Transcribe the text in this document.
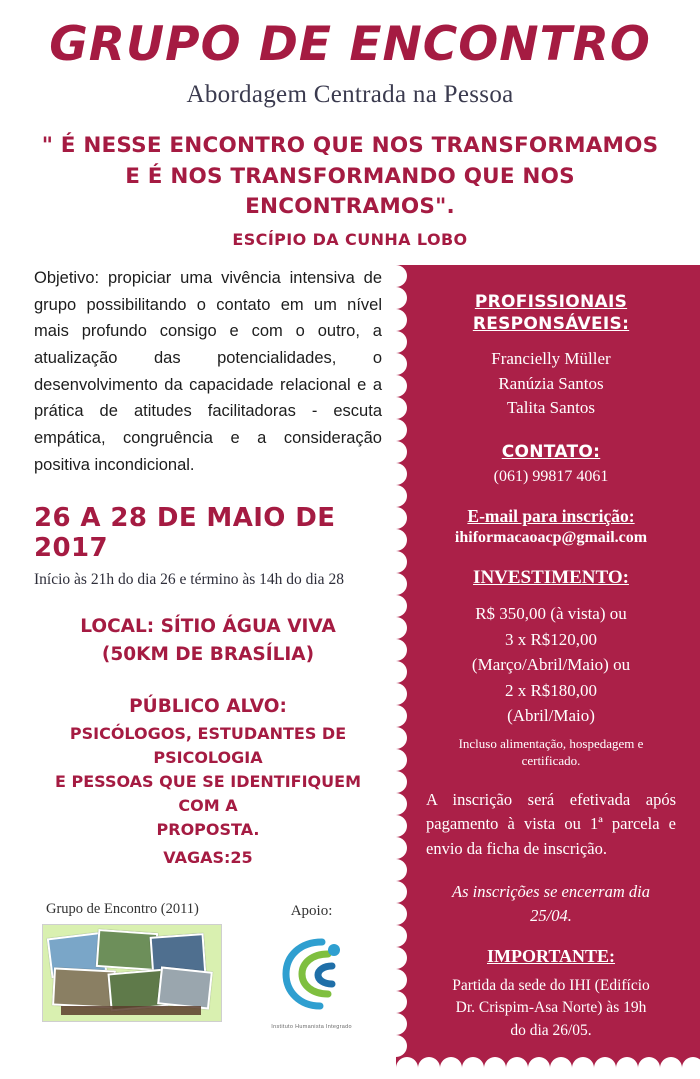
GRUPO DE ENCONTRO
Abordagem Centrada na Pessoa
" É NESSE ENCONTRO QUE NOS TRANSFORMAMOS E É NOS TRANSFORMANDO QUE NOS ENCONTRAMOS".
ESCÍPIO DA CUNHA LOBO
Objetivo: propiciar uma vivência intensiva de grupo possibilitando o contato em um nível mais profundo consigo e com o outro, a atualização das potencialidades, o desenvolvimento da capacidade relacional e a prática de atitudes facilitadoras - escuta empática, congruência e a consideração positiva incondicional.
26 A 28 DE MAIO DE 2017
Início às 21h do dia 26 e término às 14h do dia 28
LOCAL: SÍTIO ÁGUA VIVA
(50KM DE BRASÍLIA)
PÚBLICO ALVO:
PSICÓLOGOS, ESTUDANTES DE PSICOLOGIA
E PESSOAS QUE SE IDENTIFIQUEM COM A
PROPOSTA.
VAGAS:25
Grupo de Encontro (2011)	Apoio:
Instituto Humanista Integrado
PROFISSIONAIS
RESPONSÁVEIS:
Francielly Müller
Ranúzia Santos
Talita Santos
CONTATO:
(061) 99817 4061
E-mail para inscrição:
ihiformacaoacp@gmail.com
INVESTIMENTO:
R$ 350,00 (à vista) ou
3 x R$120,00
(Março/Abril/Maio) ou
2 x R$180,00
(Abril/Maio)
Incluso alimentação, hospedagem e
certificado.
A inscrição será efetivada após pagamento à vista ou 1ª parcela e envio da ficha de inscrição.
As inscrições se encerram dia
25/04.
IMPORTANTE:
Partida da sede do IHI (Edifício
Dr. Crispim-Asa Norte) às 19h
do dia 26/05.
